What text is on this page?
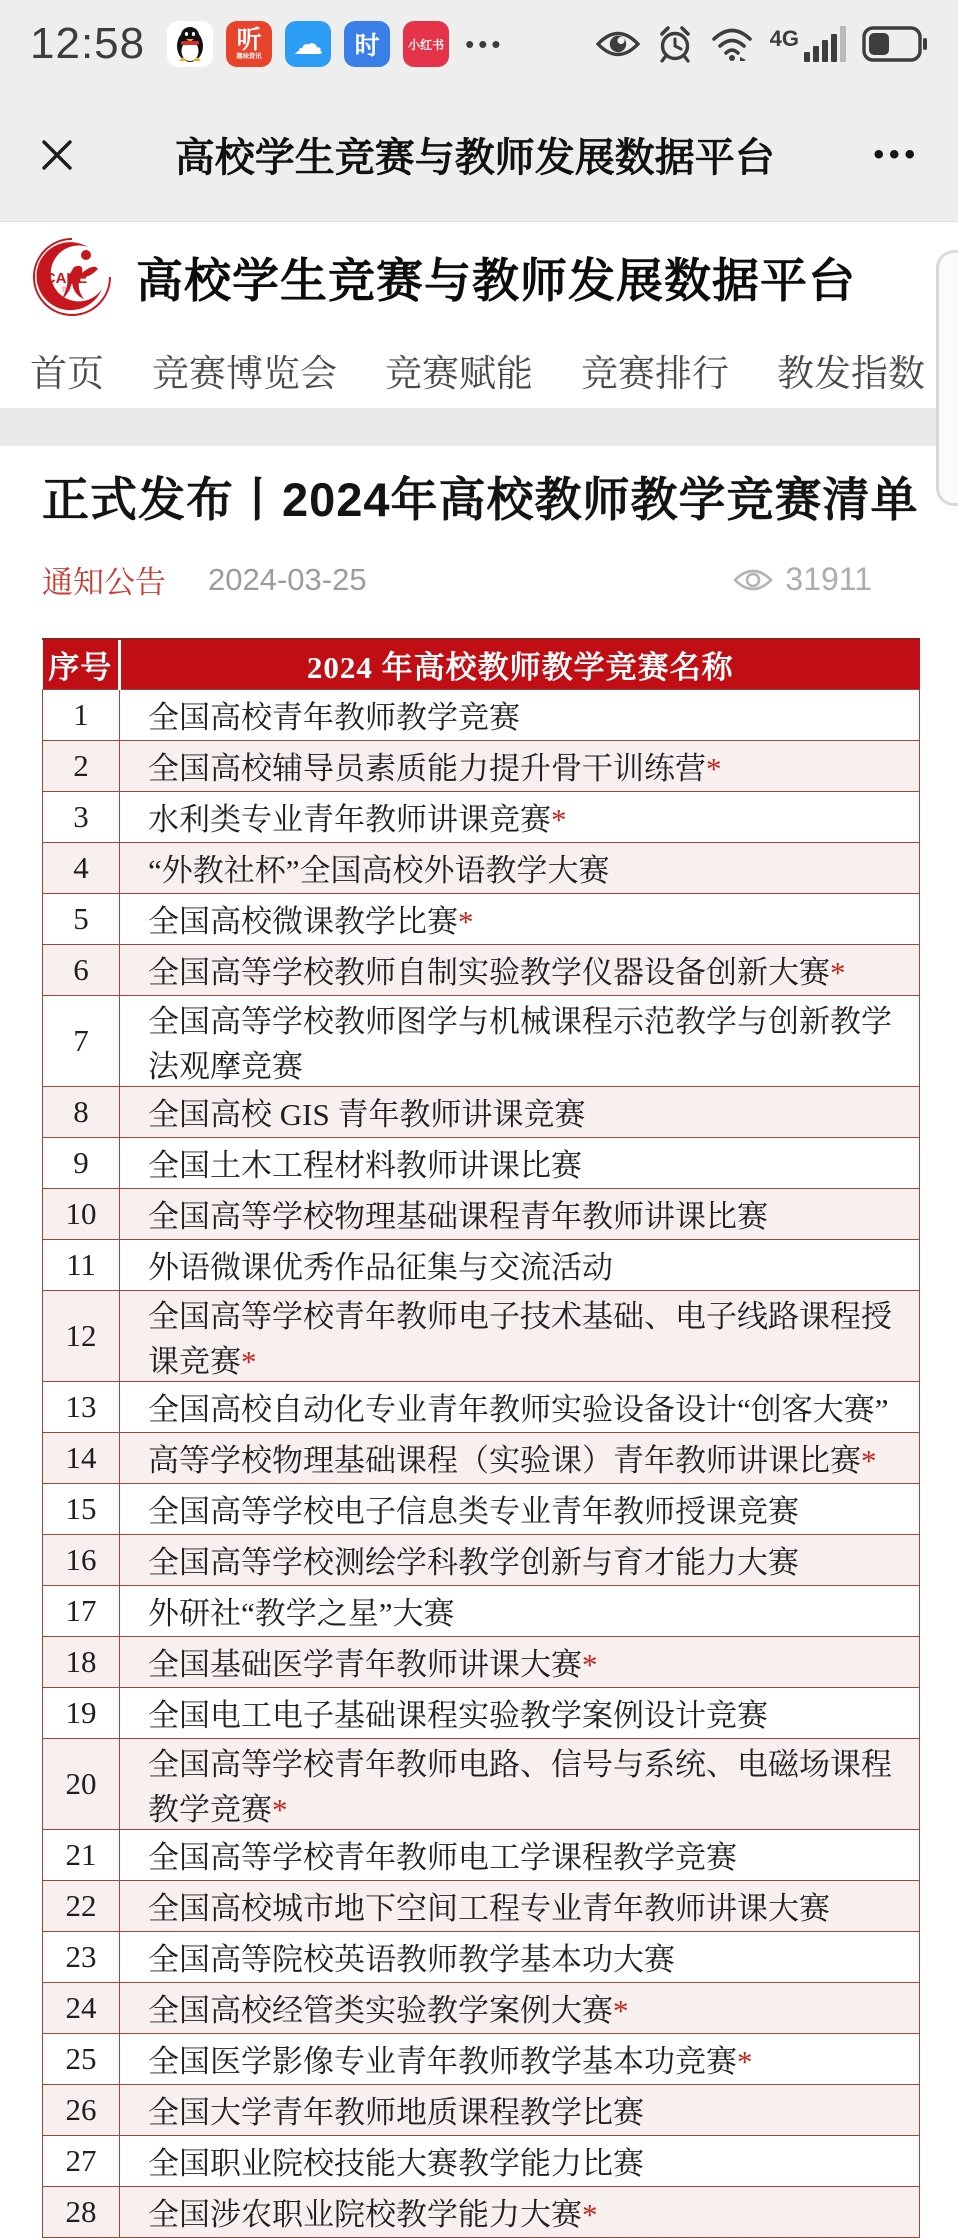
12:58	听
趣味资讯 ☁ 时 小红书 •••	4G
高校学生竞赛与教师发展数据平台	•••
CAHE
学会 高校学生竞赛与教师发展数据平台
首页 竞赛博览会 竞赛赋能 竞赛排行 教发指数
正式发布丨2024年高校教师教学竞赛清单
通知公告 2024-03-25	31911
序号	2024 年高校教师教学竞赛名称
1	全国高校青年教师教学竞赛
2	全国高校辅导员素质能力提升骨干训练营*
3	水利类专业青年教师讲课竞赛*
4	“外教社杯”全国高校外语教学大赛
5	全国高校微课教学比赛*
6	全国高等学校教师自制实验教学仪器设备创新大赛*
7	全国高等学校教师图学与机械课程示范教学与创新教学法观摩竞赛
8	全国高校 GIS 青年教师讲课竞赛
9	全国土木工程材料教师讲课比赛
10	全国高等学校物理基础课程青年教师讲课比赛
11	外语微课优秀作品征集与交流活动
12	全国高等学校青年教师电子技术基础、电子线路课程授课竞赛*
13	全国高校自动化专业青年教师实验设备设计“创客大赛”
14	高等学校物理基础课程（实验课）青年教师讲课比赛*
15	全国高等学校电子信息类专业青年教师授课竞赛
16	全国高等学校测绘学科教学创新与育才能力大赛
17	外研社“教学之星”大赛
18	全国基础医学青年教师讲课大赛*
19	全国电工电子基础课程实验教学案例设计竞赛
20	全国高等学校青年教师电路、信号与系统、电磁场课程教学竞赛*
21	全国高等学校青年教师电工学课程教学竞赛
22	全国高校城市地下空间工程专业青年教师讲课大赛
23	全国高等院校英语教师教学基本功大赛
24	全国高校经管类实验教学案例大赛*
25	全国医学影像专业青年教师教学基本功竞赛*
26	全国大学青年教师地质课程教学比赛
27	全国职业院校技能大赛教学能力比赛
28	全国涉农职业院校教学能力大赛*
